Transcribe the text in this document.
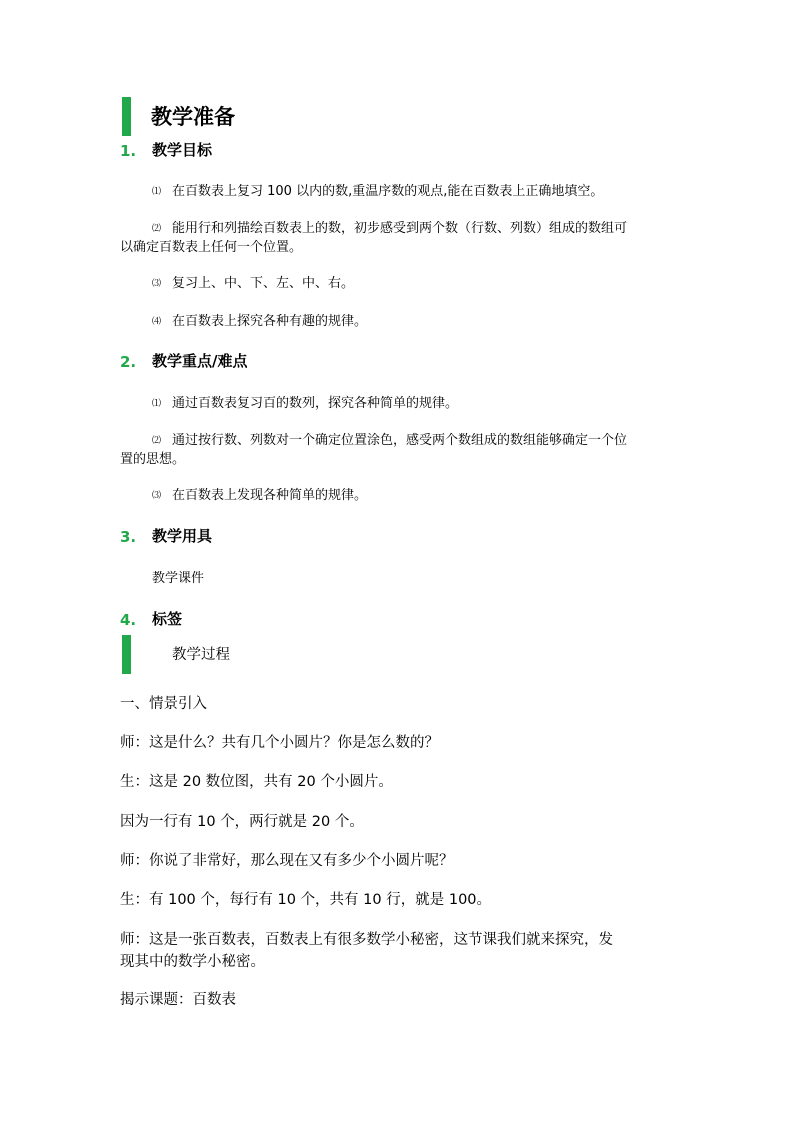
教学准备
1. 教学目标
⑴ 在百数表上复习 100 以内的数,重温序数的观点,能在百数表上正确地填空。
⑵ 能用行和列描绘百数表上的数，初步感受到两个数（行数、列数）组成的数组可
以确定百数表上任何一个位置。
⑶ 复习上、中、下、左、中、右。
⑷ 在百数表上探究各种有趣的规律。
2. 教学重点/难点
⑴ 通过百数表复习百的数列，探究各种简单的规律。
⑵ 通过按行数、列数对一个确定位置涂色，感受两个数组成的数组能够确定一个位
置的思想。
⑶ 在百数表上发现各种简单的规律。
3. 教学用具
教学课件
4. 标签
教学过程
一、情景引入
师：这是什么？共有几个小圆片？你是怎么数的？
生：这是 20 数位图，共有 20 个小圆片。
因为一行有 10 个，两行就是 20 个。
师：你说了非常好，那么现在又有多少个小圆片呢？
生：有 100 个，每行有 10 个，共有 10 行，就是 100。
师：这是一张百数表，百数表上有很多数学小秘密，这节课我们就来探究，发
现其中的数学小秘密。
揭示课题：百数表
